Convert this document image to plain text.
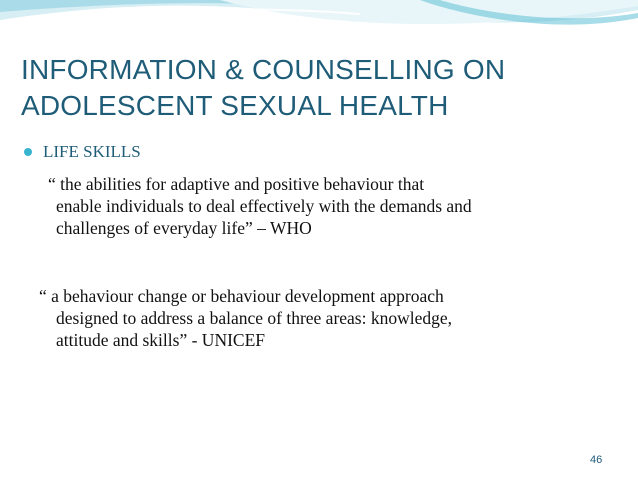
INFORMATION & COUNSELLING ON
ADOLESCENT SEXUAL HEALTH
LIFE SKILLS
“ the abilities for adaptive and positive behaviour that
enable individuals to deal effectively with the demands and
challenges of everyday life” – WHO
“ a behaviour change or behaviour development approach
designed to address a balance of three areas: knowledge,
attitude and skills” - UNICEF
46
